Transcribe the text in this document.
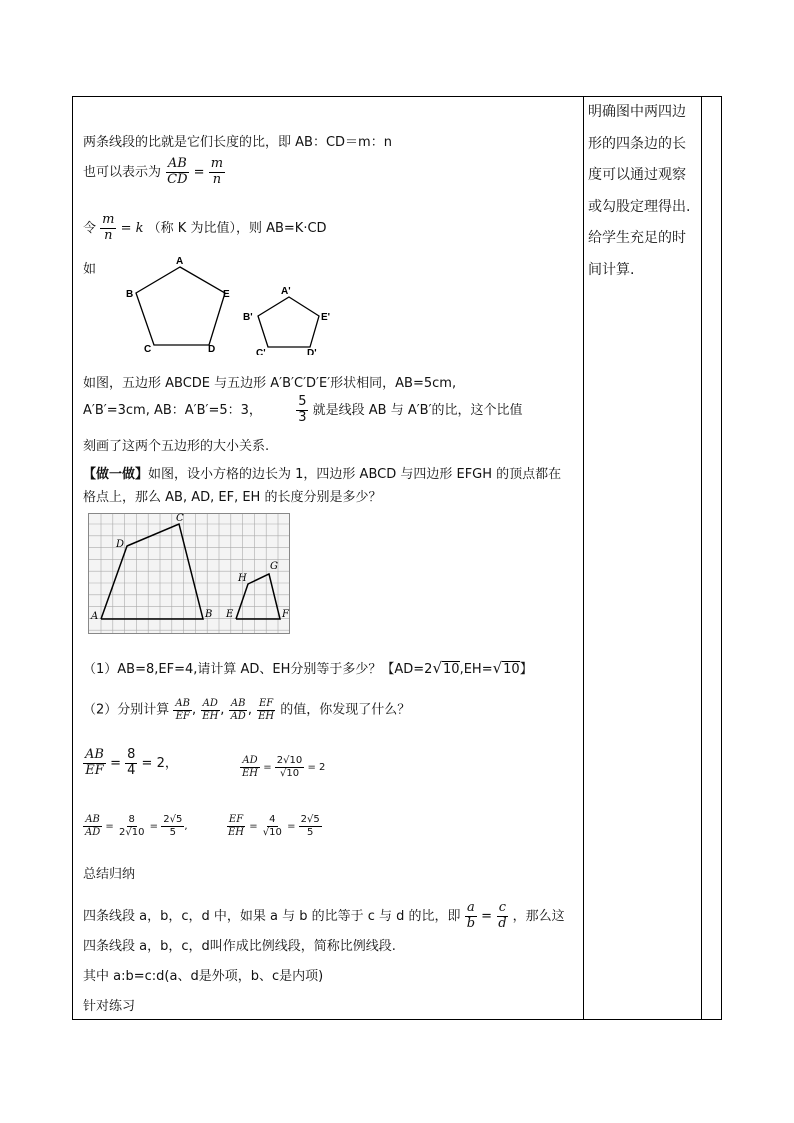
两条线段的比就是它们长度的比，即 AB：CD＝m：n
也可以表示为 $\frac{AB}{CD} = \frac{m}{n}$
令 $\frac{m}{n} = k$ （称 K 为比值），则 AB=K·CD
如
A
B
C	D
E	A'
B'
C'	D'
E'
如图，五边形 ABCDE 与五边形 A′B′C′D′E′形状相同，AB=5cm,
A′B′=3cm, AB：A′B′=5：3，	$\frac{5}{3}$ 就是线段 AB 与 A′B′的比，这个比值
刻画了这两个五边形的大小关系.
【做一做】如图，设小方格的边长为 1，四边形 ABCD 与四边形 EFGH 的顶点都在
格点上，那么 AB, AD, EF, EH 的长度分别是多少？
A	B
C
D
E	F
G
H
（1）AB=8,EF=4,请计算 AD、EH分别等于多少？【AD=2√10,EH=√10】
（2）分别计算 $\frac{AB}{EF}$ , $\frac{AD}{EH}$ , $\frac{AB}{AD}$ , $\frac{EF}{EH}$ 的值，你发现了什么？
$\frac{AB}{EF} = \frac{8}{4} = 2$，	$\frac{AD}{EH} = \frac{2√10}{√10} = 2$
$\frac{AB}{AD} = \frac{8}{2√10} = \frac{2√5}{5}$ ,	$\frac{EF}{EH} = \frac{4}{√10} = \frac{2√5}{5}$
总结归纳
四条线段 a，b，c，d 中，如果 a 与 b 的比等于 c 与 d 的比，即 $\frac{a}{b} = \frac{c}{d}$ ，那么这
四条线段 a，b，c，d叫作成比例线段，简称比例线段.
其中 a:b=c:d(a、d是外项，b、c是内项)
针对练习
明确图中两四边
形的四条边的长
度可以通过观察
或勾股定理得出.
给学生充足的时
间计算.
